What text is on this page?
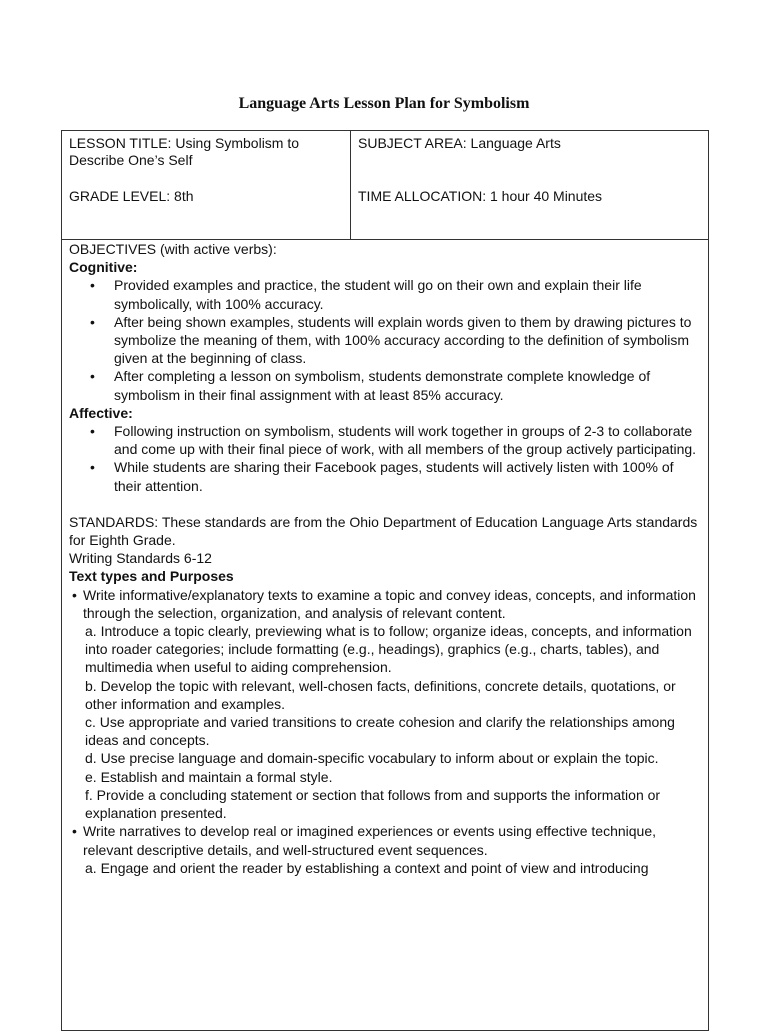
Language Arts Lesson Plan for Symbolism
LESSON TITLE: Using Symbolism to Describe One’s Self
GRADE LEVEL: 8th
SUBJECT AREA: Language Arts
TIME ALLOCATION: 1 hour 40 Minutes
OBJECTIVES (with active verbs):
Cognitive:
• Provided examples and practice, the student will go on their own and explain their life symbolically, with 100% accuracy.
• After being shown examples, students will explain words given to them by drawing pictures to symbolize the meaning of them, with 100% accuracy according to the definition of symbolism given at the beginning of class.
• After completing a lesson on symbolism, students demonstrate complete knowledge of symbolism in their final assignment with at least 85% accuracy.
Affective:
• Following instruction on symbolism, students will work together in groups of 2-3 to collaborate and come up with their final piece of work, with all members of the group actively participating.
• While students are sharing their Facebook pages, students will actively listen with 100% of their attention.
STANDARDS: These standards are from the Ohio Department of Education Language Arts standards for Eighth Grade.
Writing Standards 6-12
Text types and Purposes
• Write informative/explanatory texts to examine a topic and convey ideas, concepts, and information through the selection, organization, and analysis of relevant content.
a. Introduce a topic clearly, previewing what is to follow; organize ideas, concepts, and information into roader categories; include formatting (e.g., headings), graphics (e.g., charts, tables), and multimedia when useful to aiding comprehension.
b. Develop the topic with relevant, well-chosen facts, definitions, concrete details, quotations, or other information and examples.
c. Use appropriate and varied transitions to create cohesion and clarify the relationships among ideas and concepts.
d. Use precise language and domain-specific vocabulary to inform about or explain the topic.
e. Establish and maintain a formal style.
f. Provide a concluding statement or section that follows from and supports the information or explanation presented.
• Write narratives to develop real or imagined experiences or events using effective technique, relevant descriptive details, and well-structured event sequences.
a. Engage and orient the reader by establishing a context and point of view and introducing
